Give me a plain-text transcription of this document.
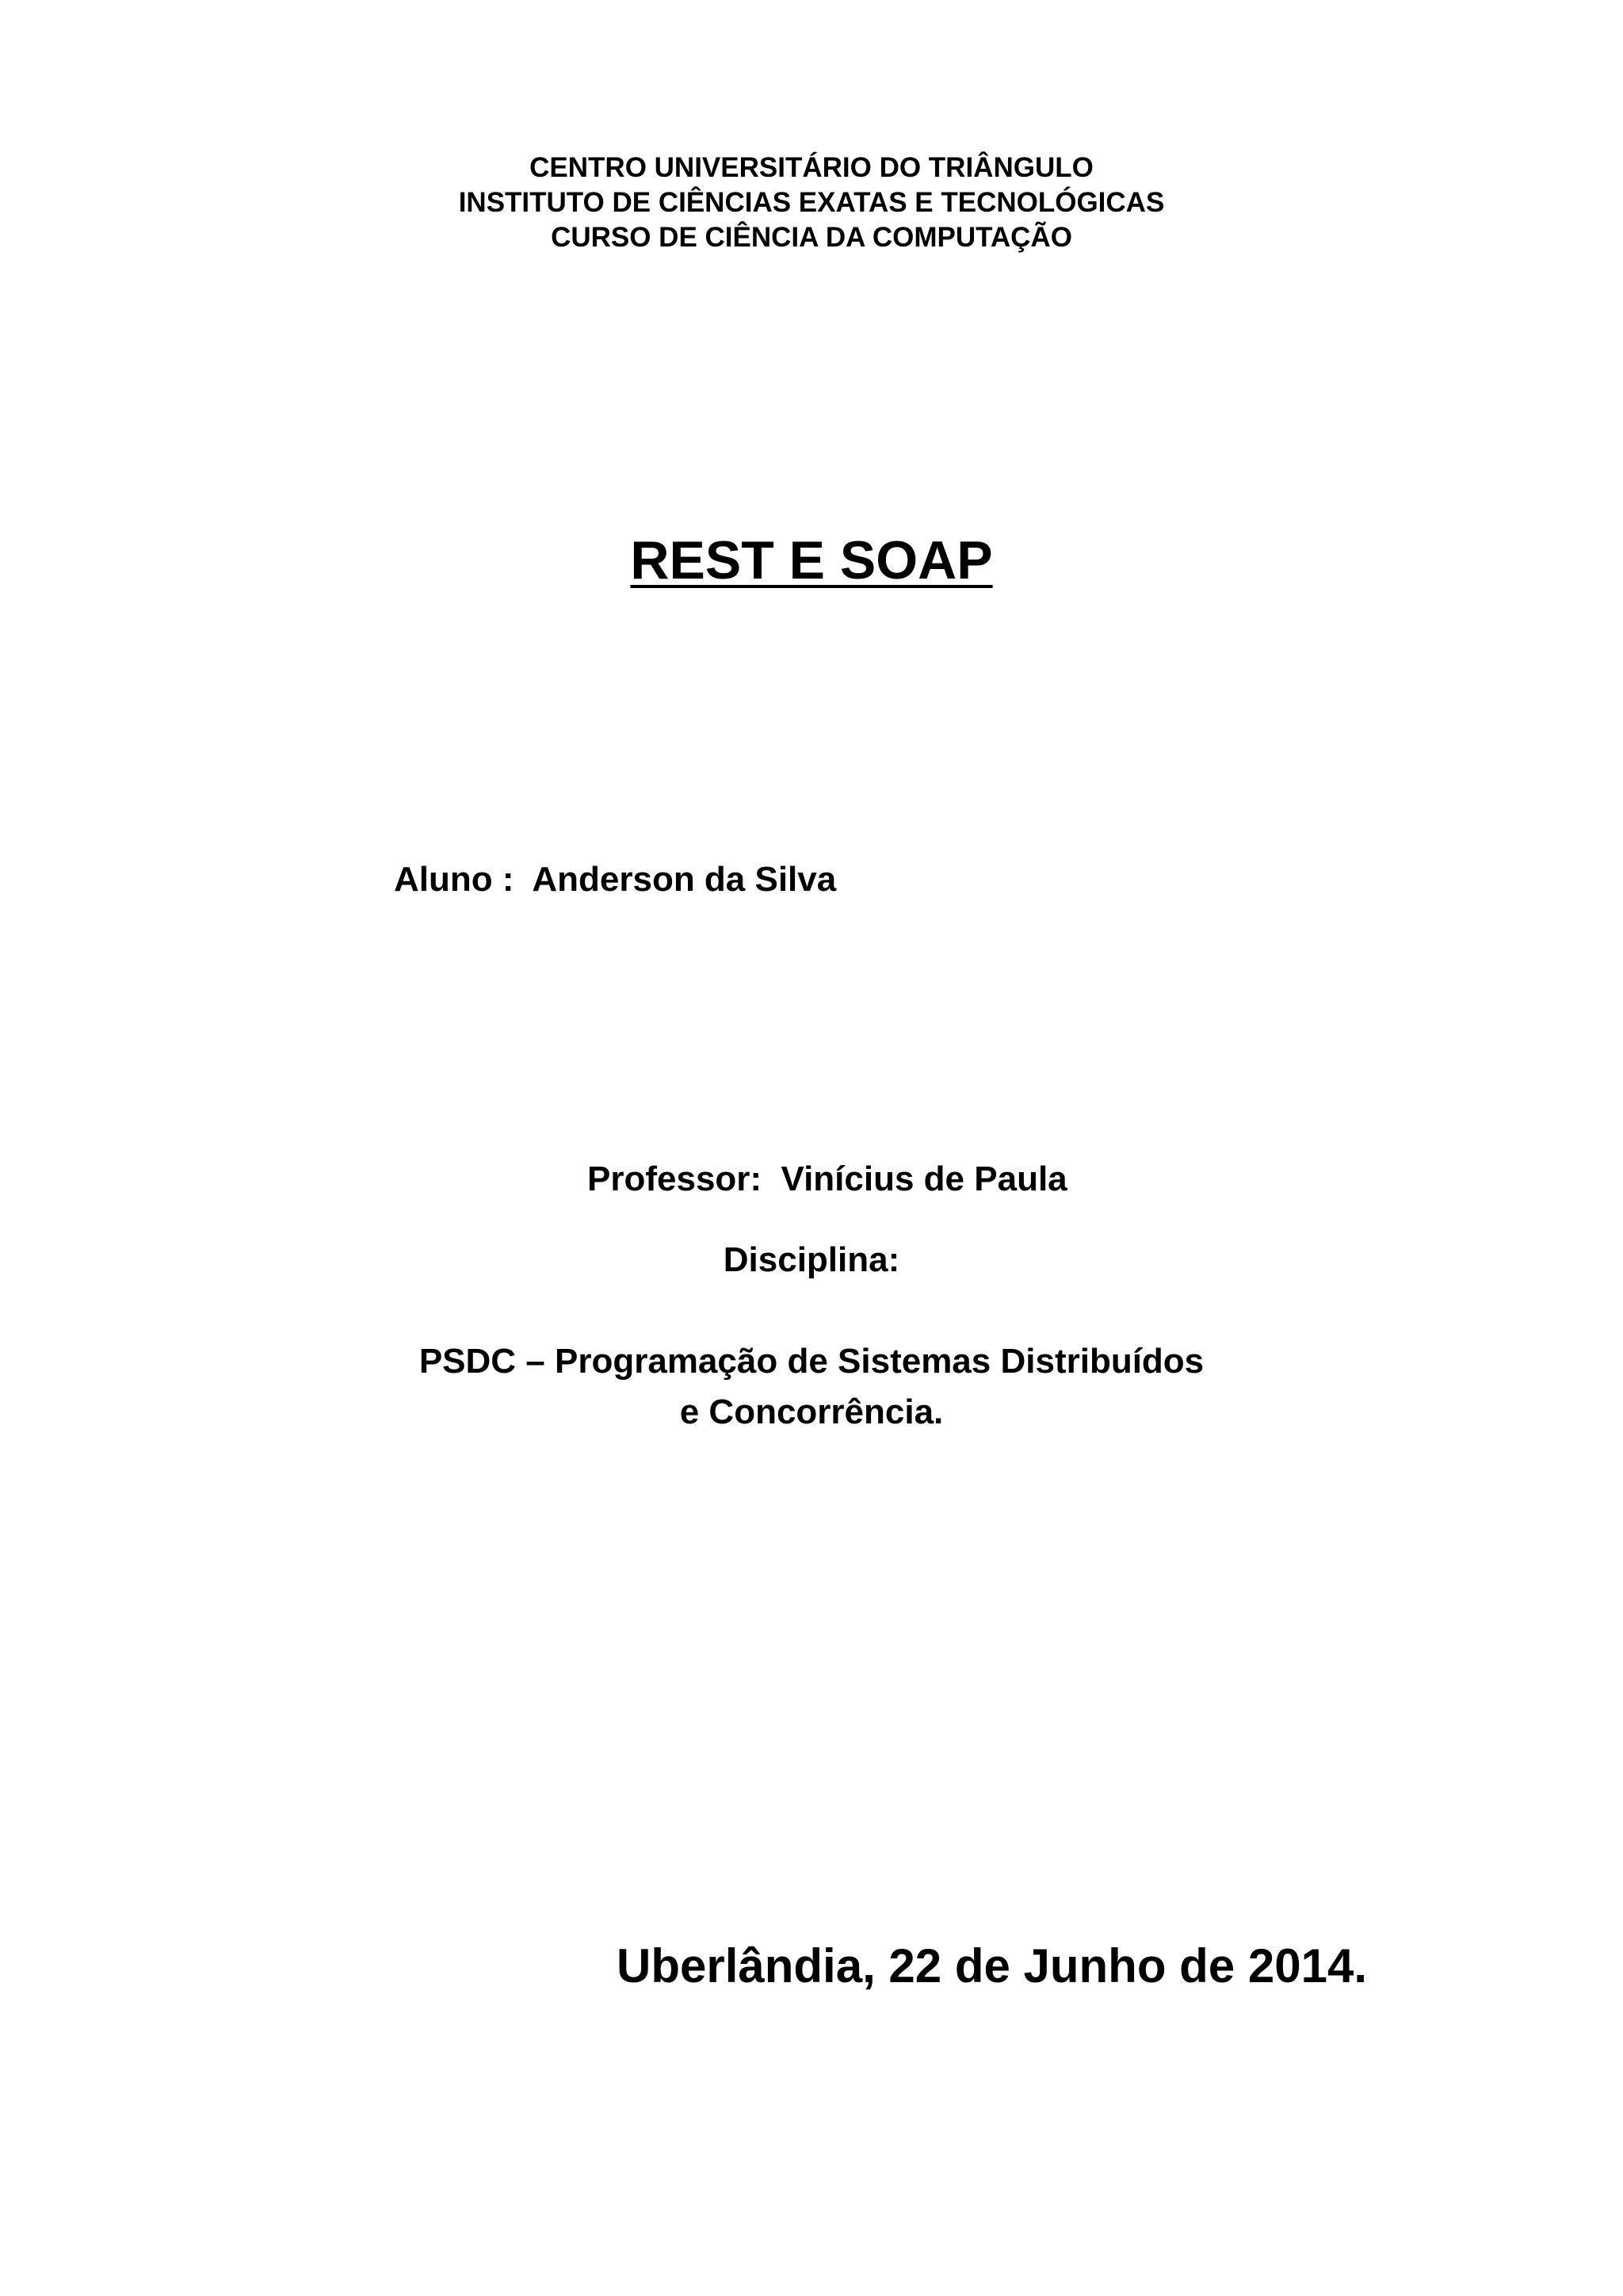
CENTRO UNIVERSITÁRIO DO TRIÂNGULO
INSTITUTO DE CIÊNCIAS EXATAS E TECNOLÓGICAS
CURSO DE CIÊNCIA DA COMPUTAÇÃO
REST E SOAP
Aluno : Anderson da Silva
Professor: Vinícius de Paula
Disciplina:

PSDC – Programação de Sistemas Distribuídos
e Concorrência.
Uberlândia, 22 de Junho de 2014.
